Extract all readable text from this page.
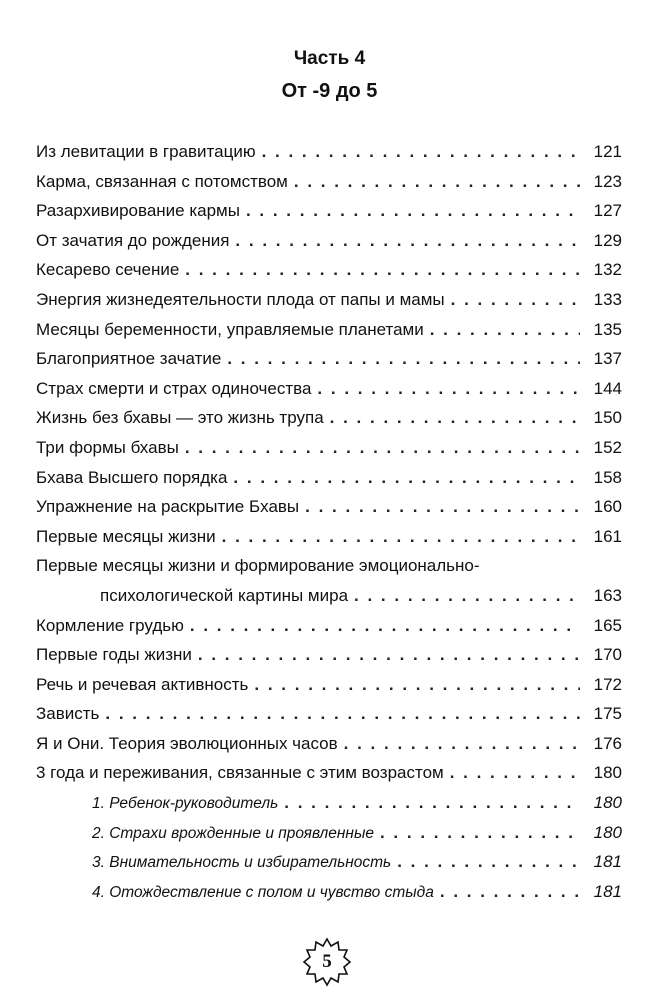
Часть 4
От -9 до 5
Из левитации в гравитацию . . .	121
Карма, связанная с потомством . . .	123
Разархивирование кармы . . .	127
От зачатия до рождения . . .	129
Кесарево сечение . . .	132
Энергия жизнедеятельности плода от папы и мамы . . .	133
Месяцы беременности, управляемые планетами . . .	135
Благоприятное зачатие . . .	137
Страх смерти и страх одиночества . . .	144
Жизнь без бхавы — это жизнь трупа . . .	150
Три формы бхавы . . .	152
Бхава Высшего порядка . . .	158
Упражнение на раскрытие Бхавы . . .	160
Первые месяцы жизни . . .	161
Первые месяцы жизни и формирование эмоционально-
психологической картины мира . . .	163
Кормление грудью . . .	165
Первые годы жизни . . .	170
Речь и речевая активность . . .	172
Зависть . . .	175
Я и Они. Теория эволюционных часов . . .	176
3 года и переживания, связанные с этим возрастом . . .	180
1. Ребенок-руководитель . . .	180
2. Страхи врожденные и проявленные . . .	180
3. Внимательность и избирательность . . .	181
4. Отождествление с полом и чувство стыда . . .	181
5
